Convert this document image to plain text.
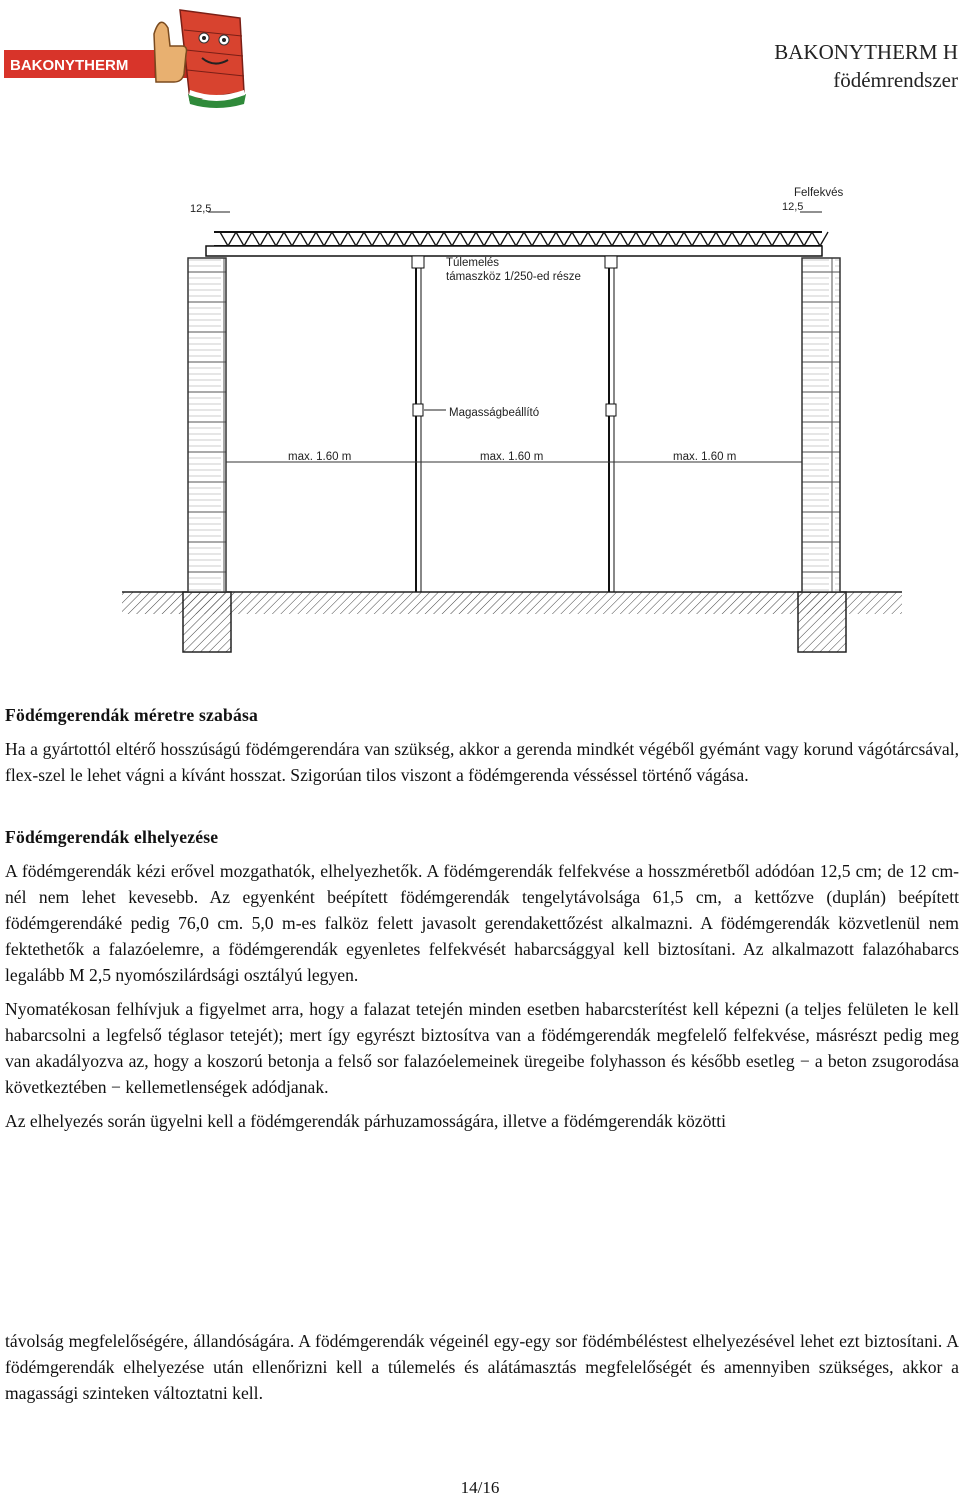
BAKONYTHERM
BAKONYTHERM H
födémrendszer
max. 1.60 m	max. 1.60 m	max. 1.60 m
Túlemelés
támaszköz 1/250-ed része
Magasságbeállító
Felfekvés
12,5	12,5
Födémgerendák méretre szabása

Ha a gyártottól eltérő hosszúságú födémgerendára van szükség, akkor a gerenda mindkét végéből gyémánt vagy korund vágótárcsával, flex-szel le lehet vágni a kívánt hosszat. Szigorúan tilos viszont a födémgerenda vésséssel történő vágása.

Födémgerendák elhelyezése

A födémgerendák kézi erővel mozgathatók, elhelyezhetők. A födémgerendák felfekvése a hosszméretből adódóan 12,5 cm; de 12 cm-nél nem lehet kevesebb. Az egyenként beépített födémgerendák tengelytávolsága 61,5 cm, a kettőzve (duplán) beépített födémgerendáké pedig 76,0 cm. 5,0 m-es falköz felett javasolt gerendakettőzést alkalmazni. A födémgerendák közvetlenül nem fektethetők a falazóelemre, a födémgerendák egyenletes felfekvését habarcsággyal kell biztosítani. Az alkalmazott falazóhabarcs legalább M 2,5 nyomószilárdsági osztályú legyen.

Nyomatékosan felhívjuk a figyelmet arra, hogy a falazat tetején minden esetben habarcsterítést kell képezni (a teljes felületen le kell habarcsolni a legfelső téglasor tetejét); mert így egyrészt biztosítva van a födémgerendák megfelelő felfekvése, másrészt pedig meg van akadályozva az, hogy a koszorú betonja a felső sor falazóelemeinek üregeibe folyhasson és később esetleg − a beton zsugorodása következtében − kellemetlenségek adódjanak.

Az elhelyezés során ügyelni kell a födémgerendák párhuzamosságára, illetve a födémgerendák közötti

távolság megfelelőségére, állandóságára. A födémgerendák végeinél egy-egy sor födémbéléstest elhelyezésével lehet ezt biztosítani. A födémgerendák elhelyezése után ellenőrizni kell a túlemelés és alátámasztás megfelelőségét és amennyiben szükséges, akkor a magassági szinteken változtatni kell.

14/16
